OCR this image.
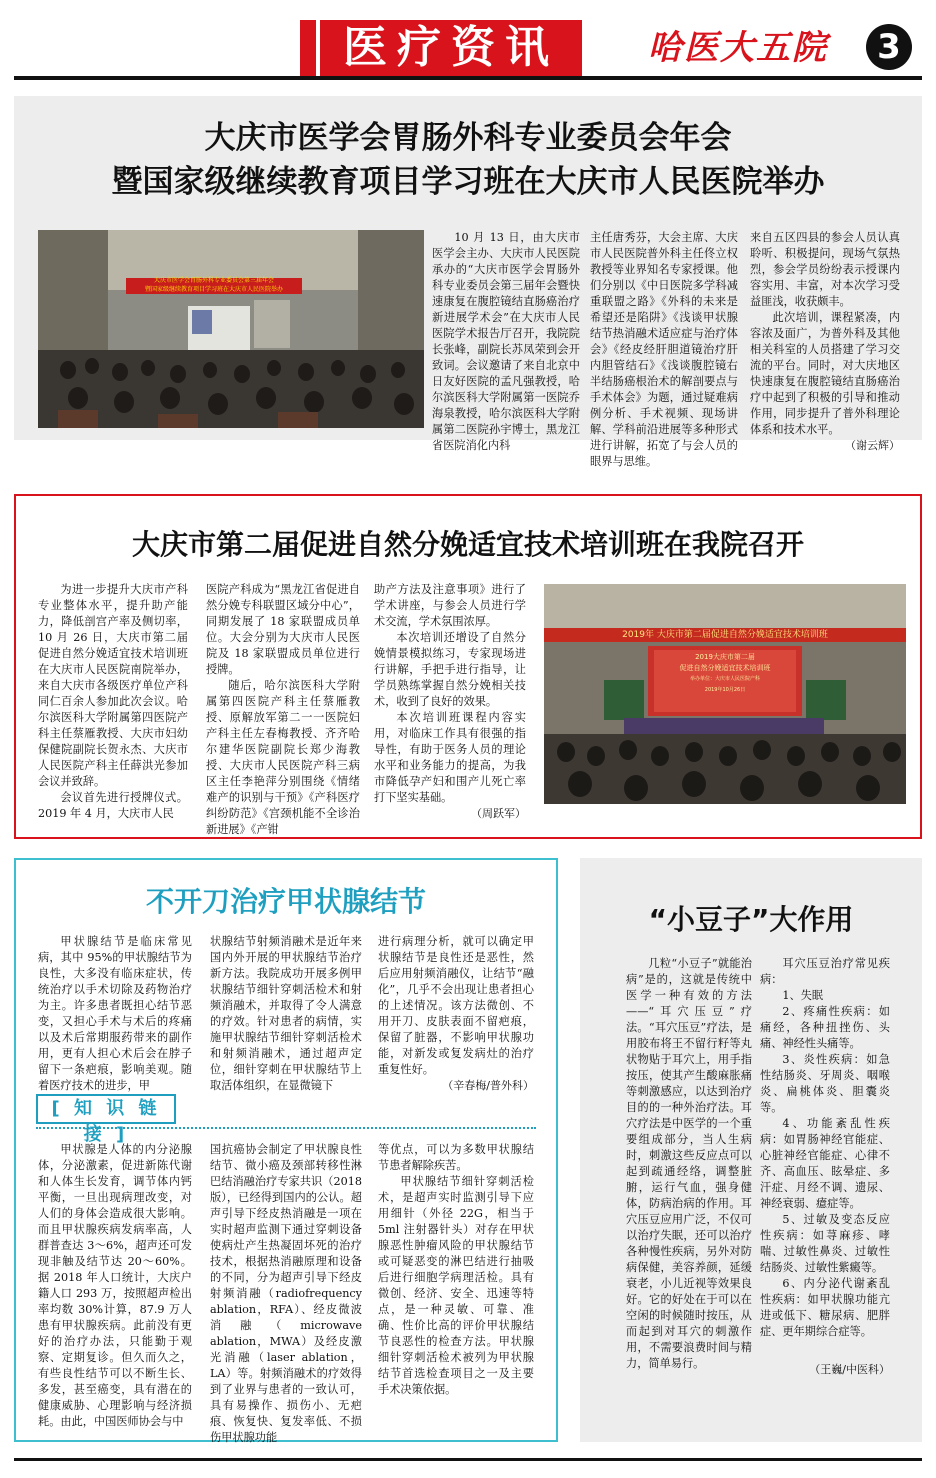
医疗资讯	哈医大五院	3
大庆市医学会胃肠外科专业委员会年会
暨国家级继续教育项目学习班在大庆市人民医院举办
大庆市医学会胃肠外科专业委员会第三届年会
暨国家级继续教育项目学习班在大庆市人民医院举办

10 月 13 日，由大庆市医学会主办、大庆市人民医院承办的“大庆市医学会胃肠外科专业委员会第三届年会暨快速康复在腹腔镜结直肠癌治疗新进展学术会”在大庆市人民医院学术报告厅召开，我院院长张峰，副院长苏凤荣到会开致词。会议邀请了来自北京中日友好医院的孟凡强教授，哈尔滨医科大学附属第一医院乔海泉教授，哈尔滨医科大学附属第二医院孙宇博士，黑龙江省医院消化内科

主任唐秀芬，大会主席、大庆市人民医院普外科主任佟立权教授等业界知名专家授课。他们分别以《中日医院多学科减重联盟之路》《外科的未来是希望还是陷阱》《浅谈甲状腺结节热消融术适应症与治疗体会》《经皮经肝胆道镜治疗肝内胆管结石》《浅谈腹腔镜右半结肠癌根治术的解剖要点与手术体会》为题，通过疑难病例分析、手术视频、现场讲解、学科前沿进展等多种形式进行讲解，拓宽了与会人员的眼界与思维。

来自五区四县的参会人员认真聆听、积极提问，现场气氛热烈，参会学员纷纷表示授课内容实用、丰富，对本次学习受益匪浅，收获颇丰。

此次培训，课程紧凑，内容浓及面广，为普外科及其他相关科室的人员搭建了学习交流的平台。同时，对大庆地区快速康复在腹腔镜结直肠癌治疗中起到了积极的引导和推动作用，同步提升了普外科理论体系和技术水平。

（谢云辉）
大庆市第二届促进自然分娩适宜技术培训班在我院召开

为进一步提升大庆市产科专业整体水平，提升助产能力，降低剖宫产率及侧切率，10 月 26 日，大庆市第二届促进自然分娩适宜技术培训班在大庆市人民医院南院举办，来自大庆市各级医疗单位产科同仁百余人参加此次会议。哈尔滨医科大学附属第四医院产科主任蔡雁教授、大庆市妇幼保健院副院长贺永杰、大庆市人民医院产科主任薛洪光参加会议并致辞。

会议首先进行授牌仪式。2019 年 4 月，大庆市人民

医院产科成为“黑龙江省促进自然分娩专科联盟区域分中心”，同期发展了 18 家联盟成员单位。大会分别为大庆市人民医院及 18 家联盟成员单位进行授牌。

随后，哈尔滨医科大学附属第四医院产科主任蔡雁教授、原解放军第二一一医院妇产科主任左春梅教授、齐齐哈尔建华医院副院长郑少海教授、大庆市人民医院产科三病区主任李艳萍分别围绕《情绪难产的识别与干预》《产科医疗纠纷防范》《宫颈机能不全诊治新进展》《产钳

助产方法及注意事项》进行了学术讲座，与参会人员进行学术交流，学术氛围浓厚。

本次培训还增设了自然分娩情景模拟练习，专家现场进行讲解，手把手进行指导，让学员熟练掌握自然分娩相关技术，收到了良好的效果。

本次培训班课程内容实用，对临床工作具有很强的指导性，有助于医务人员的理论水平和业务能力的提高，为我市降低孕产妇和围产儿死亡率打下坚实基础。

（周跃军）
2019年 大庆市第二届促进自然分娩适宜技术培训班
2019大庆市第二届
促进自然分娩适宜技术培训班
举办单位：大庆市人民医院产科
2019年10月26日
不开刀治疗甲状腺结节

甲状腺结节是临床常见病，其中 95%的甲状腺结节为良性，大多没有临床症状，传统治疗以手术切除及药物治疗为主。许多患者既担心结节恶变，又担心手术与术后的疼痛以及术后常期服药带来的副作用，更有人担心术后会在脖子留下一条疤痕，影响美观。随着医疗技术的进步，甲

状腺结节射频消融术是近年来国内外开展的甲状腺结节治疗新方法。我院成功开展多例甲状腺结节细针穿刺活检术和射频消融术，并取得了令人满意的疗效。针对患者的病情，实施甲状腺结节细针穿刺活检术和射频消融术，通过超声定位，细针穿刺在甲状腺结节上取活体组织，在显微镜下

进行病理分析，就可以确定甲状腺结节是良性还是恶性，然后应用射频消融仪，让结节“融化”，几乎不会出现让患者担心的上述情况。该方法微创、不用开刀、皮肤表面不留疤痕，保留了脏器，不影响甲状腺功能，对新发或复发病灶的治疗重复性好。

（辛春梅/普外科）

甲状腺是人体的内分泌腺体，分泌激素，促进新陈代谢和人体生长发育，调节体内钙平衡，一旦出现病理改变，对人们的身体会造成很大影响。而且甲状腺疾病发病率高，人群普查达 3～6%，超声还可发现非触及结节达 20～60%。据 2018 年人口统计，大庆户籍人口 293 万，按照超声检出率均数 30%计算，87.9 万人患有甲状腺疾病。此前没有更好的治疗办法，只能勤于观察、定期复诊。但久而久之，有些良性结节可以不断生长、多发，甚至癌变，具有潜在的健康威胁、心理影响与经济损耗。由此，中国医师协会与中

国抗癌协会制定了甲状腺良性结节、微小癌及颈部转移性淋巴结消融治疗专家共识（2018 版），已经得到国内的公认。超声引导下经皮热消融是一项在实时超声监测下通过穿刺设备使病灶产生热凝固坏死的治疗技术，根据热消融原理和设备的不同，分为超声引导下经皮射频消融（radiofrequency ablation，RFA）、经皮微波消融（microwave ablation，MWA）及经皮激光消融（laser ablation，LA）等。射频消融术的疗效得到了业界与患者的一致认可，具有易操作、损伤小、无疤痕、恢复快、复发率低、不损伤甲状腺功能

等优点，可以为多数甲状腺结节患者解除疾苦。

甲状腺结节细针穿刺活检术，是超声实时监测引导下应用细针（外径 22G，相当于 5ml 注射器针头）对存在甲状腺恶性肿瘤风险的甲状腺结节或可疑恶变的淋巴结进行抽吸后进行细胞学病理活检。具有微创、经济、安全、迅速等特点，是一种灵敏、可靠、准确、性价比高的评价甲状腺结节良恶性的检查方法。甲状腺细针穿刺活检术被列为甲状腺结节首选检查项目之一及主要手术决策依据。

[ 知 识 链 接 ]
“小豆子”大作用

几粒“小豆子”就能治病”是的，这就是传统中医学一种有效的方法——“耳穴压豆”疗法。“耳穴压豆”疗法，是用胶布将王不留行籽等丸状物贴于耳穴上，用手指按压，使其产生酸麻胀痛等刺激感应，以达到治疗目的的一种外治疗法。耳穴疗法是中医学的一个重要组成部分，当人生病时，刺激这些反应点可以起到疏通经络，调整脏腑，运行气血，强身健体，防病治病的作用。耳穴压豆应用广泛，不仅可以治疗失眠，还可以治疗各种慢性疾病，另外对防病保健，美容养颜，延缓衰老，小儿近视等效果良好。它的好处在于可以在空闲的时候随时按压，从而起到对耳穴的刺激作用，不需要浪费时间与精力，简单易行。

耳穴压豆治疗常见疾病：

1、失眠

2、疼痛性疾病：如痛经，各种扭挫伤、头痛、神经性头痛等。

3、炎性疾病：如急性结肠炎、牙周炎、咽喉炎、扁桃体炎、胆囊炎等。

4、功能紊乱性疾病：如胃肠神经官能症、心脏神经官能症、心律不齐、高血压、眩晕症、多汗症、月经不调、遗尿、神经衰弱、癔症等。

5、过敏及变态反应性疾病：如荨麻疹、哮喘、过敏性鼻炎、过敏性结肠炎、过敏性紫癜等。

6、内分泌代谢紊乱性疾病：如甲状腺功能亢进或低下、糖尿病、肥胖症、更年期综合症等。

（王巍/中医科）
